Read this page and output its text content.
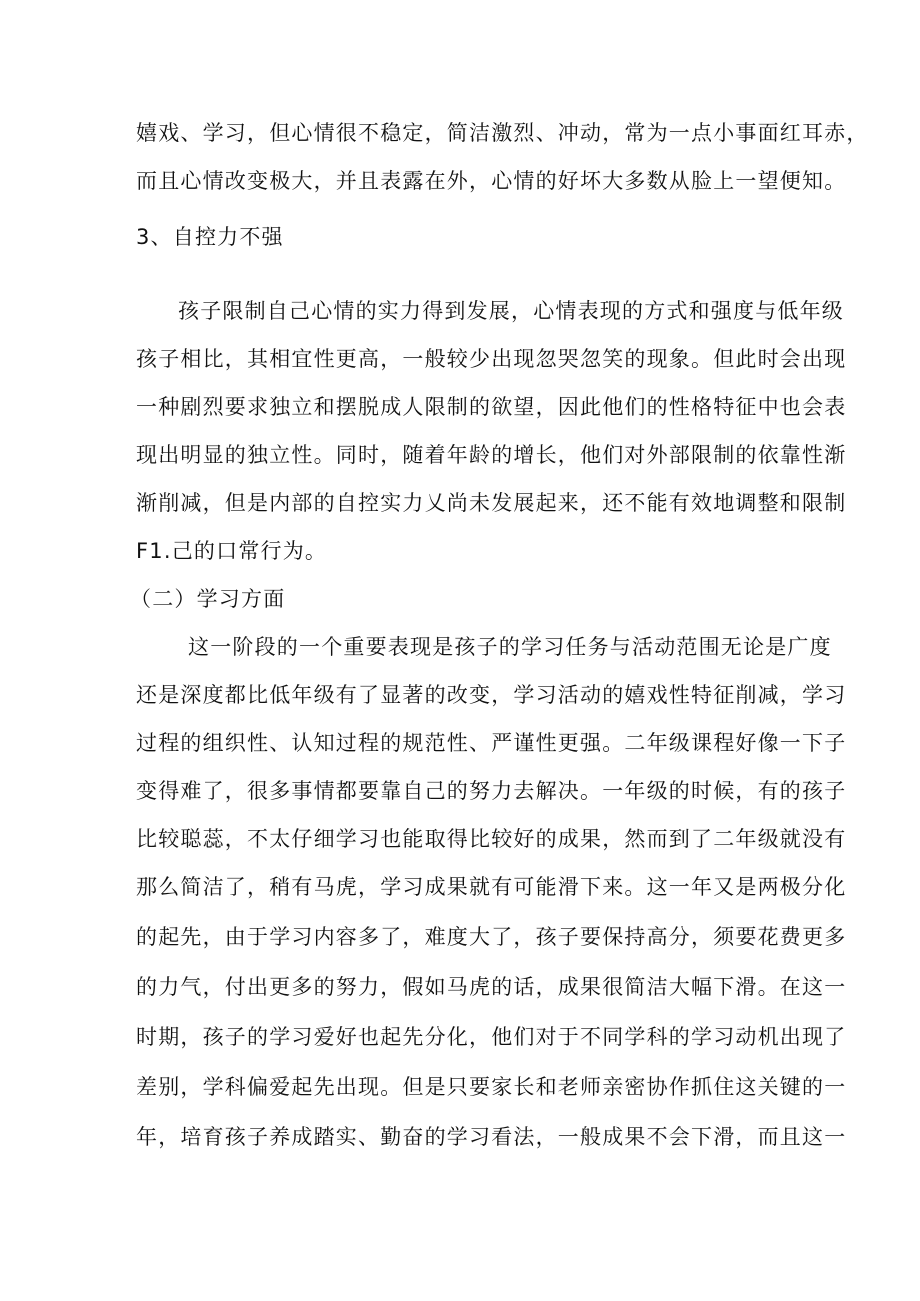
嬉戏、学习，但心情很不稳定，简洁激烈、冲动，常为一点小事面红耳赤，
而且心情改变极大，并且表露在外，心情的好坏大多数从脸上一望便知。
3、自控力不强
孩子限制自己心情的实力得到发展，心情表现的方式和强度与低年级
孩子相比，其相宜性更高，一般较少出现忽哭忽笑的现象。但此时会出现
一种剧烈要求独立和摆脱成人限制的欲望，因此他们的性格特征中也会表
现出明显的独立性。同时，随着年龄的增长，他们对外部限制的依靠性渐
渐削减，但是内部的自控实力乂尚未发展起来，还不能有效地调整和限制
F1.己的口常行为。
（二）学习方面
这一阶段的一个重要表现是孩子的学习任务与活动范围无论是广度
还是深度都比低年级有了显著的改变，学习活动的嬉戏性特征削减，学习
过程的组织性、认知过程的规范性、严谨性更强。二年级课程好像一下子
变得难了，很多事情都要靠自己的努力去解决。一年级的时候，有的孩子
比较聪蕊，不太仔细学习也能取得比较好的成果，然而到了二年级就没有
那么简洁了，稍有马虎，学习成果就有可能滑下来。这一年又是两极分化
的起先，由于学习内容多了，难度大了，孩子要保持高分，须要花费更多
的力气，付出更多的努力，假如马虎的话，成果很简洁大幅下滑。在这一
时期，孩子的学习爱好也起先分化，他们对于不同学科的学习动机出现了
差别，学科偏爱起先出现。但是只要家长和老师亲密协作抓住这关键的一
年，培育孩子养成踏实、勤奋的学习看法，一般成果不会下滑，而且这一
